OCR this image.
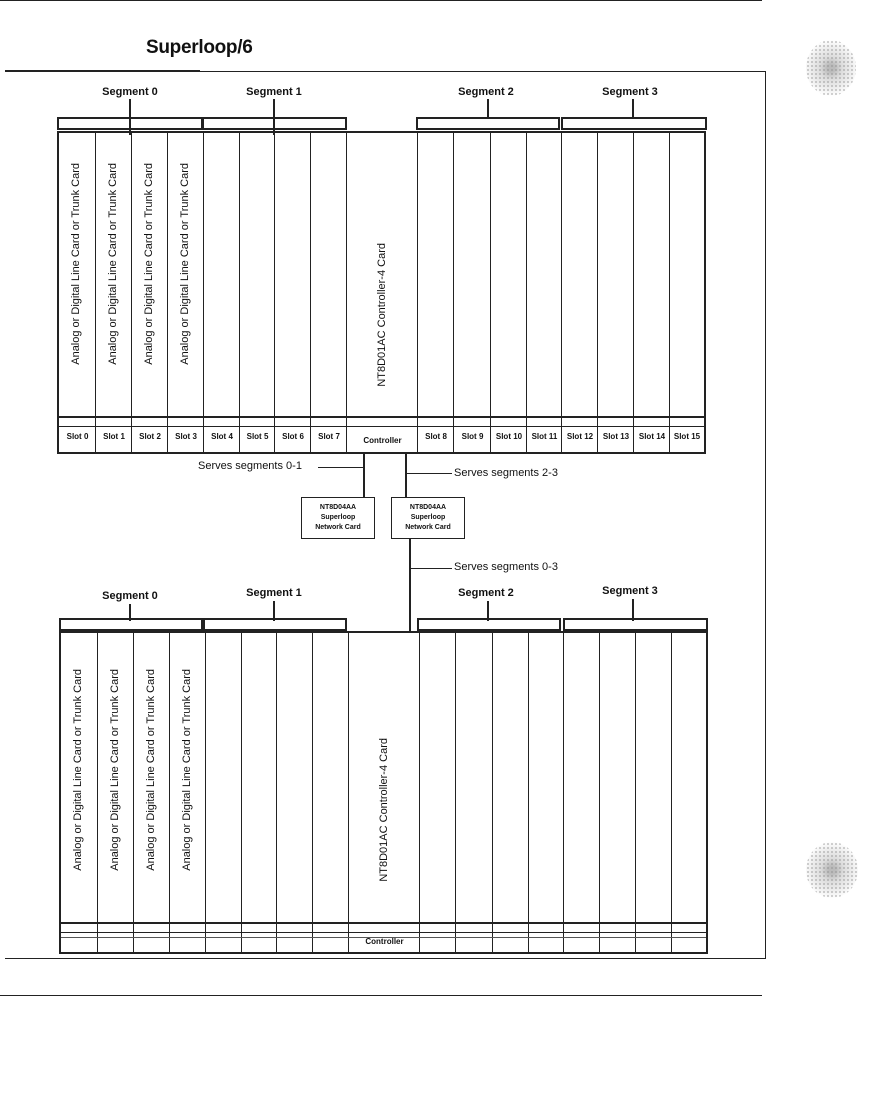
Superloop/6
Segment 0	Segment 1	Segment 2	Segment 3
Analog or Digital Line Card or Trunk Card Analog or Digital Line Card or Trunk Card Analog or Digital Line Card or Trunk Card Analog or Digital Line Card or Trunk Card	NT8D01AC Controller-4 Card
Slot 0	Slot 1	Slot 2	Slot 3	Slot 4	Slot 5	Slot 6	Slot 7	Controller	Slot 8	Slot 9	Slot 10	Slot 11	Slot 12	Slot 13	Slot 14	Slot 15
Serves segments 0-1
Serves segments 2-3
NT8D04AA
Superloop
Network Card
NT8D04AA
Superloop
Network Card
Serves segments 0-3
Segment 0	Segment 1	Segment 2	Segment 3
Analog or Digital Line Card or Trunk Card Analog or Digital Line Card or Trunk Card Analog or Digital Line Card or Trunk Card Analog or Digital Line Card or Trunk Card	NT8D01AC Controller-4 Card
Controller
